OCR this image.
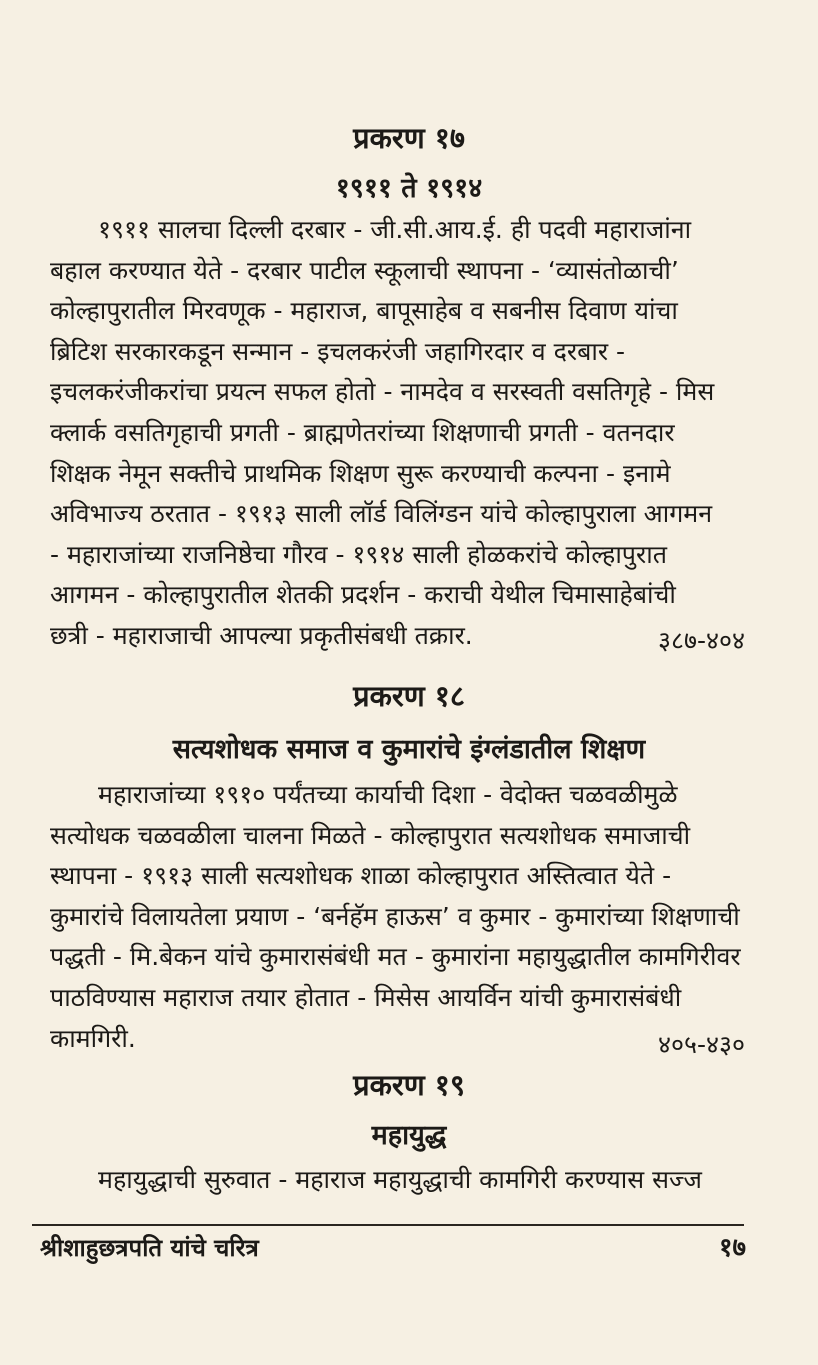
प्रकरण १७
१९११ ते १९१४
१९११ सालचा दिल्ली दरबार - जी.सी.आय.ई. ही पदवी महाराजांना
बहाल करण्यात येते - दरबार पाटील स्कूलाची स्थापना - ‘व्यासंतोळाची’
कोल्हापुरातील मिरवणूक - महाराज, बापूसाहेब व सबनीस दिवाण यांचा
ब्रिटिश सरकारकडून सन्मान - इचलकरंजी जहागिरदार व दरबार -
इचलकरंजीकरांचा प्रयत्न सफल होतो - नामदेव व सरस्वती वसतिगृहे - मिस
क्लार्क वसतिगृहाची प्रगती - ब्राह्मणेतरांच्या शिक्षणाची प्रगती - वतनदार
शिक्षक नेमून सक्तीचे प्राथमिक शिक्षण सुरू करण्याची कल्पना - इनामे
अविभाज्य ठरतात - १९१३ साली लॉर्ड विलिंग्डन यांचे कोल्हापुराला आगमन
- महाराजांच्या राजनिष्ठेचा गौरव - १९१४ साली होळकरांचे कोल्हापुरात
आगमन - कोल्हापुरातील शेतकी प्रदर्शन - कराची येथील चिमासाहेबांची
छत्री - महाराजाची आपल्या प्रकृतीसंबधी तक्रार.	३८७-४०४
प्रकरण १८
सत्यशोधक समाज व कुमारांचे इंग्लंडातील शिक्षण
महाराजांच्या १९१० पर्यंतच्या कार्याची दिशा - वेदोक्त चळवळीमुळे
सत्योधक चळवळीला चालना मिळते - कोल्हापुरात सत्यशोधक समाजाची
स्थापना - १९१३ साली सत्यशोधक शाळा कोल्हापुरात अस्तित्वात येते -
कुमारांचे विलायतेला प्रयाण - ‘बर्नहॅम हाऊस’ व कुमार - कुमारांच्या शिक्षणाची
पद्धती - मि.बेकन यांचे कुमारासंबंधी मत - कुमारांना महायुद्धातील कामगिरीवर
पाठविण्यास महाराज तयार होतात - मिसेस आयर्विन यांची कुमारासंबंधी
कामगिरी.	४०५-४३०
प्रकरण १९
महायुद्ध
महायुद्धाची सुरुवात - महाराज महायुद्धाची कामगिरी करण्यास सज्ज
श्रीशाहुछत्रपति यांचे चरित्र	१७
